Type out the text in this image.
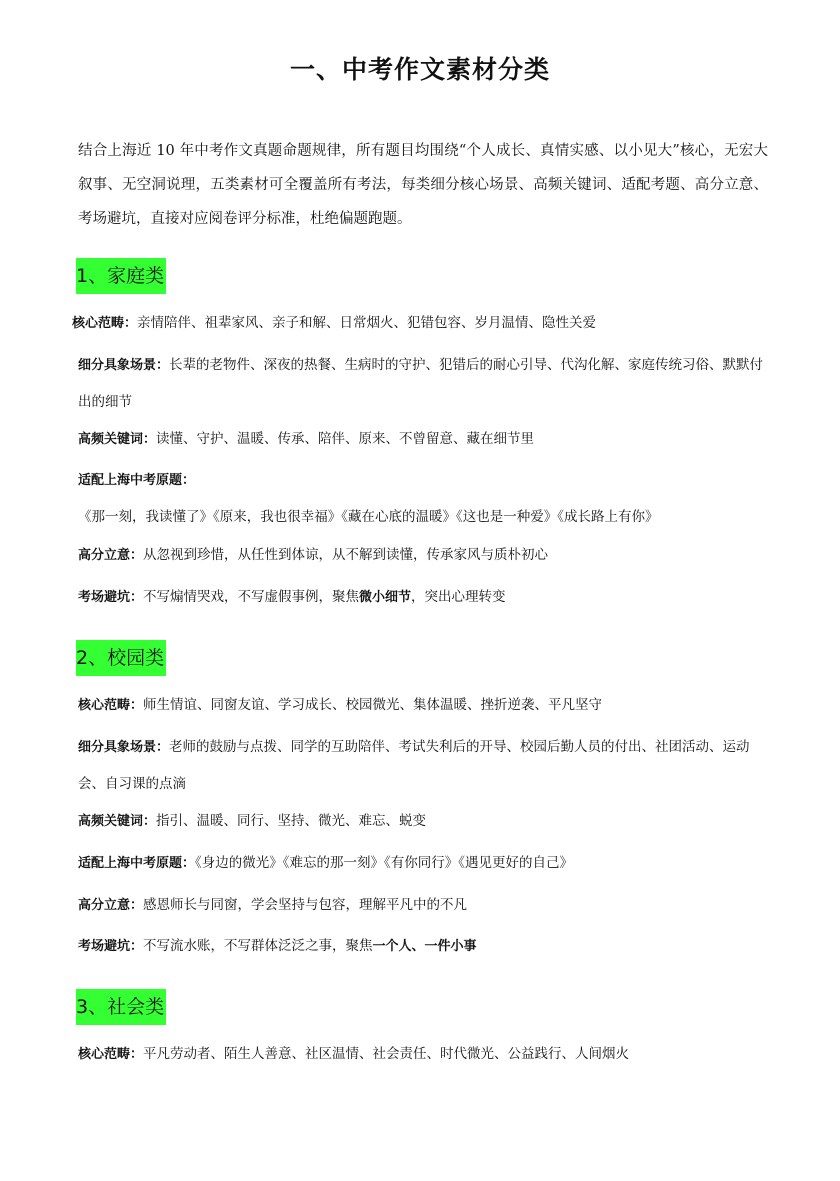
一、中考作文素材分类
结合上海近 10 年中考作文真题命题规律，所有题目均围绕“个人成长、真情实感、以小见大”核心，无宏大叙事、无空洞说理，五类素材可全覆盖所有考法，每类细分核心场景、高频关键词、适配考题、高分立意、考场避坑，直接对应阅卷评分标准，杜绝偏题跑题。
1、家庭类
核心范畴：亲情陪伴、祖辈家风、亲子和解、日常烟火、犯错包容、岁月温情、隐性关爱
细分具象场景：长辈的老物件、深夜的热餐、生病时的守护、犯错后的耐心引导、代沟化解、家庭传统习俗、默默付出的细节
高频关键词：读懂、守护、温暖、传承、陪伴、原来、不曾留意、藏在细节里
适配上海中考原题：《那一刻，我读懂了》《原来，我也很幸福》《藏在心底的温暖》《这也是一种爱》《成长路上有你》
高分立意：从忽视到珍惜，从任性到体谅，从不解到读懂，传承家风与质朴初心
考场避坑：不写煽情哭戏，不写虚假事例，聚焦微小细节，突出心理转变
2、校园类
核心范畴：师生情谊、同窗友谊、学习成长、校园微光、集体温暖、挫折逆袭、平凡坚守
细分具象场景：老师的鼓励与点拨、同学的互助陪伴、考试失利后的开导、校园后勤人员的付出、社团活动、运动会、自习课的点滴
高频关键词：指引、温暖、同行、坚持、微光、难忘、蜕变
适配上海中考原题：《身边的微光》《难忘的那一刻》《有你同行》《遇见更好的自己》
高分立意：感恩师长与同窗，学会坚持与包容，理解平凡中的不凡
考场避坑：不写流水账，不写群体泛泛之事，聚焦一个人、一件小事
3、社会类
核心范畴：平凡劳动者、陌生人善意、社区温情、社会责任、时代微光、公益践行、人间烟火
